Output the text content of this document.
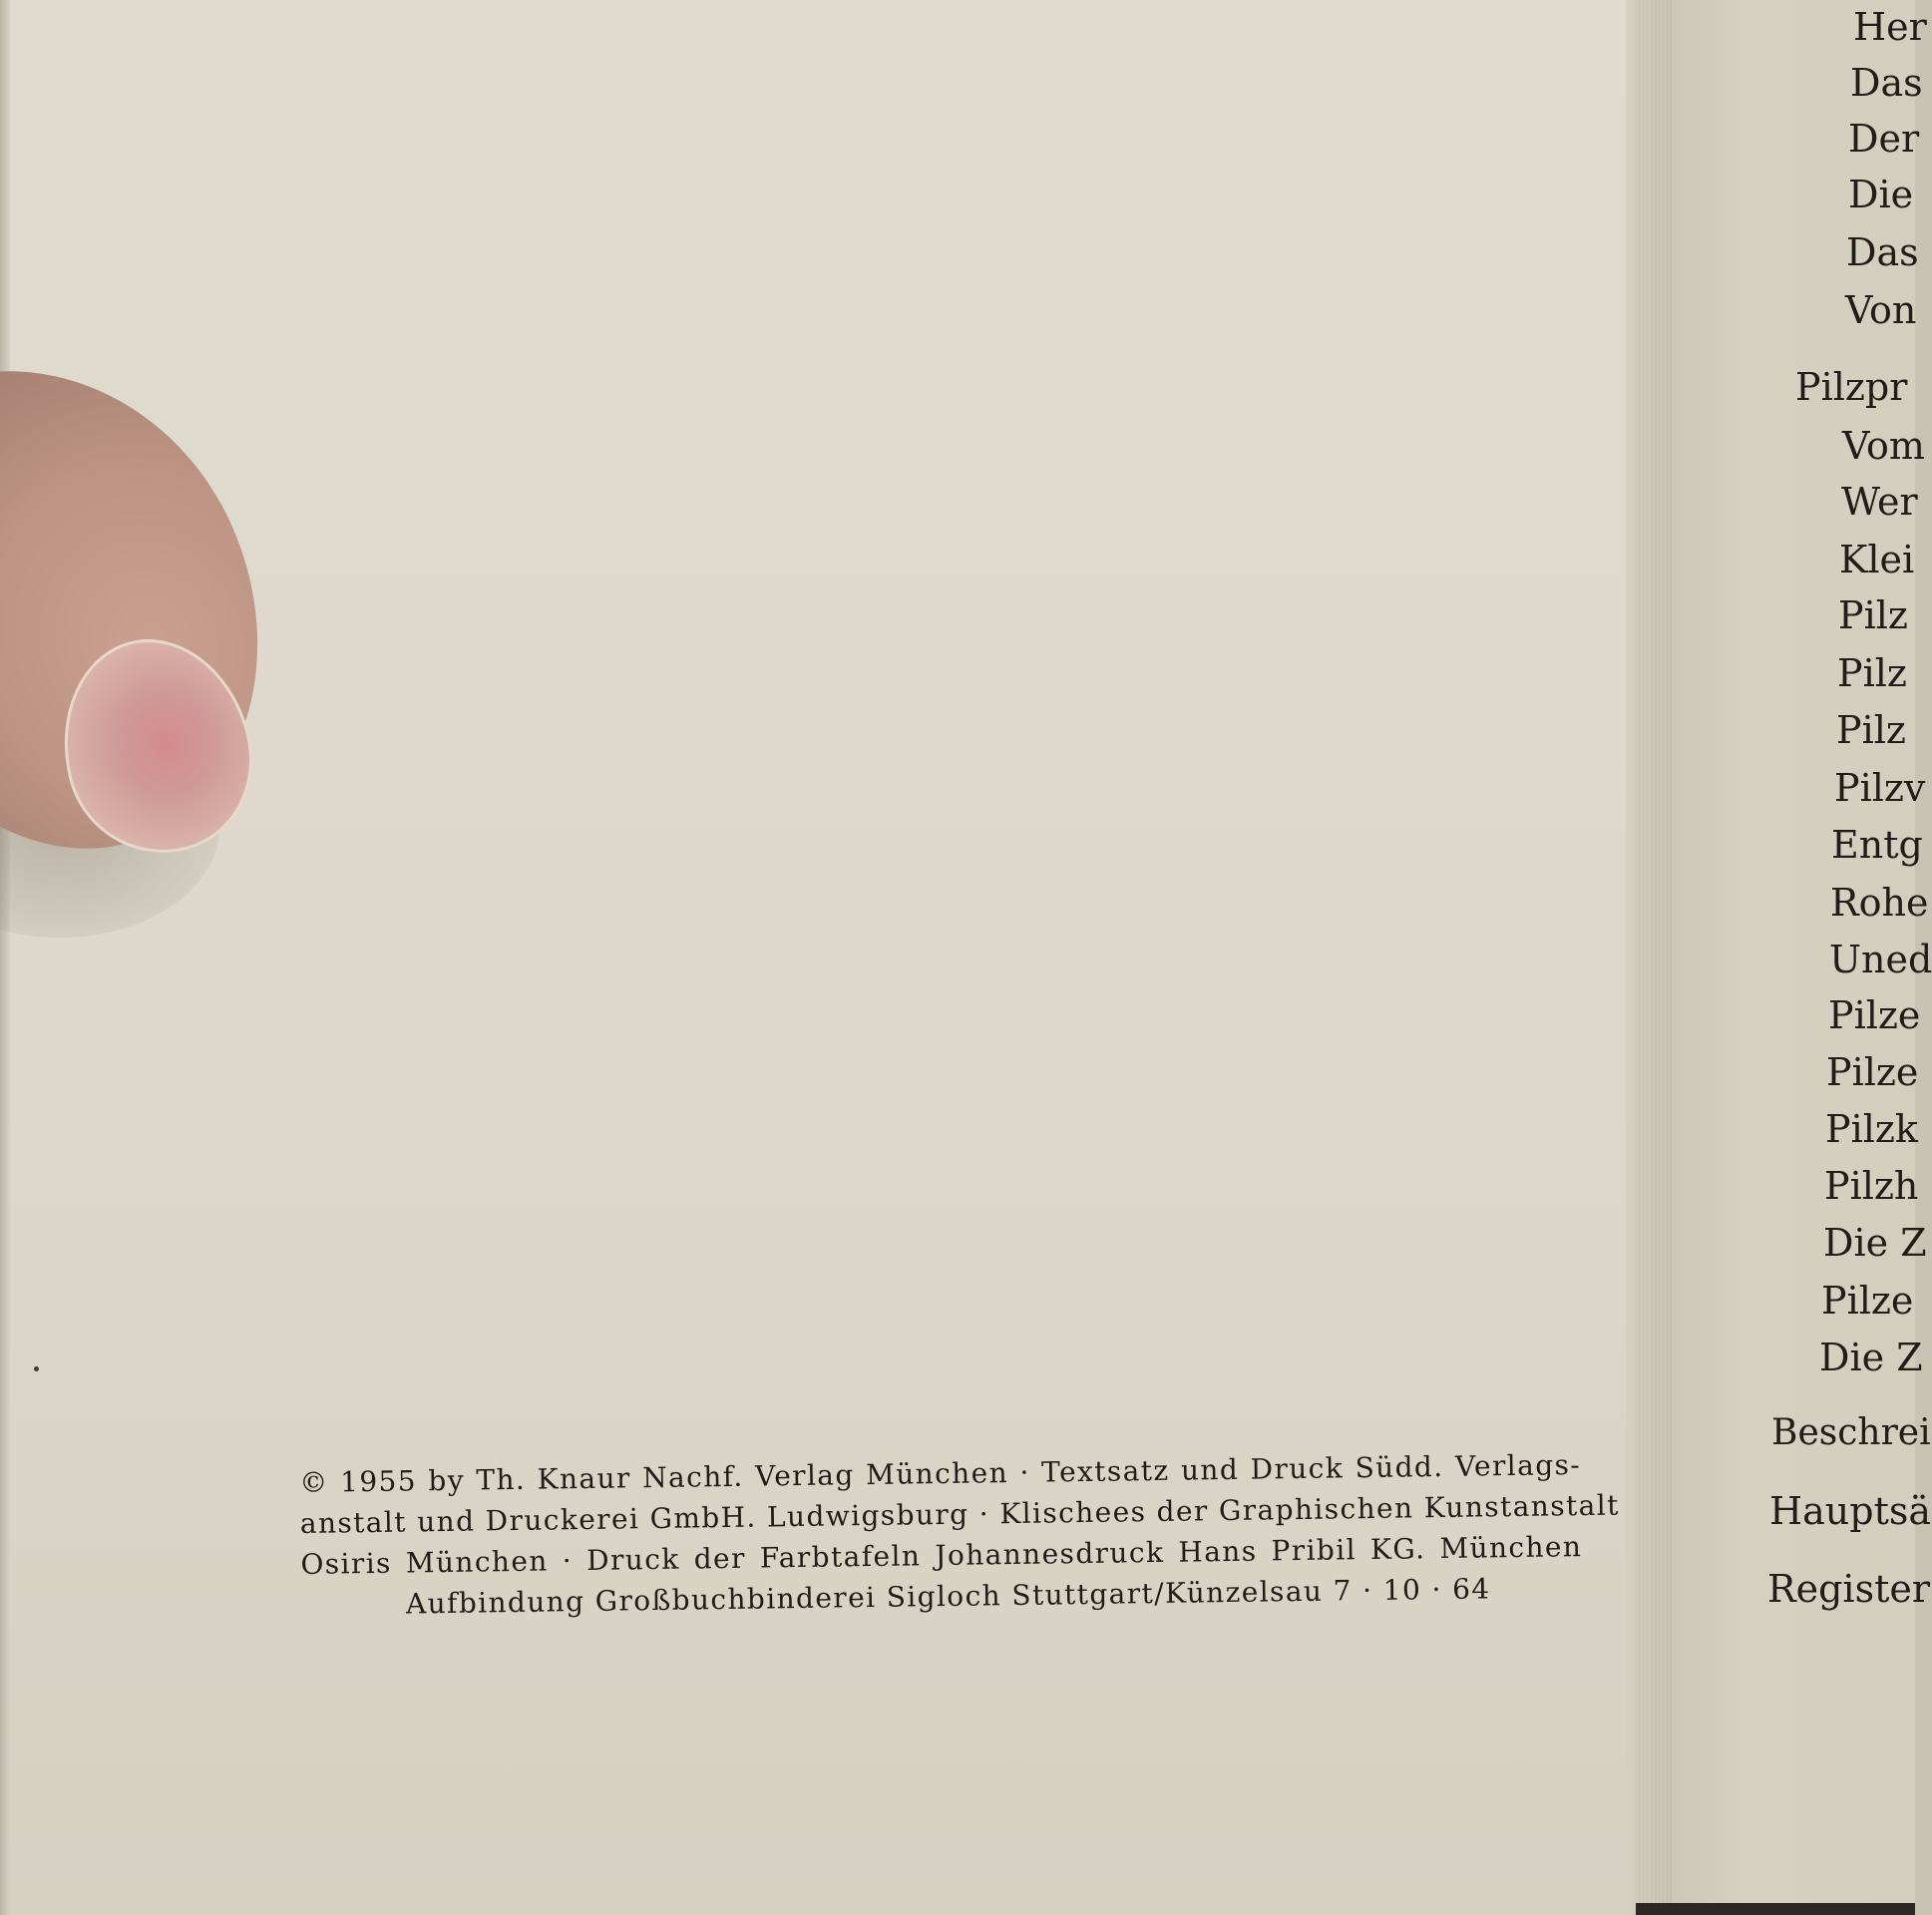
© 1955 by Th. Knaur Nachf. Verlag München · Textsatz und Druck Südd. Verlags-
anstalt und Druckerei GmbH. Ludwigsburg · Klischees der Graphischen Kunstanstalt
Osiris München · Druck der Farbtafeln Johannesdruck Hans Pribil KG. München
Aufbindung Großbuchbinderei Sigloch Stuttgart/Künzelsau 7 · 10 · 64
Her
Das
Der
Die
Das
Von
Pilzpr
Vom
Wer
Klei
Pilz
Pilz
Pilz
Pilzv
Entg
Rohe
Uned
Pilze
Pilze
Pilzk
Pilzh
Die Z
Pilze
Die Z
Beschrei
Hauptsä
Register
